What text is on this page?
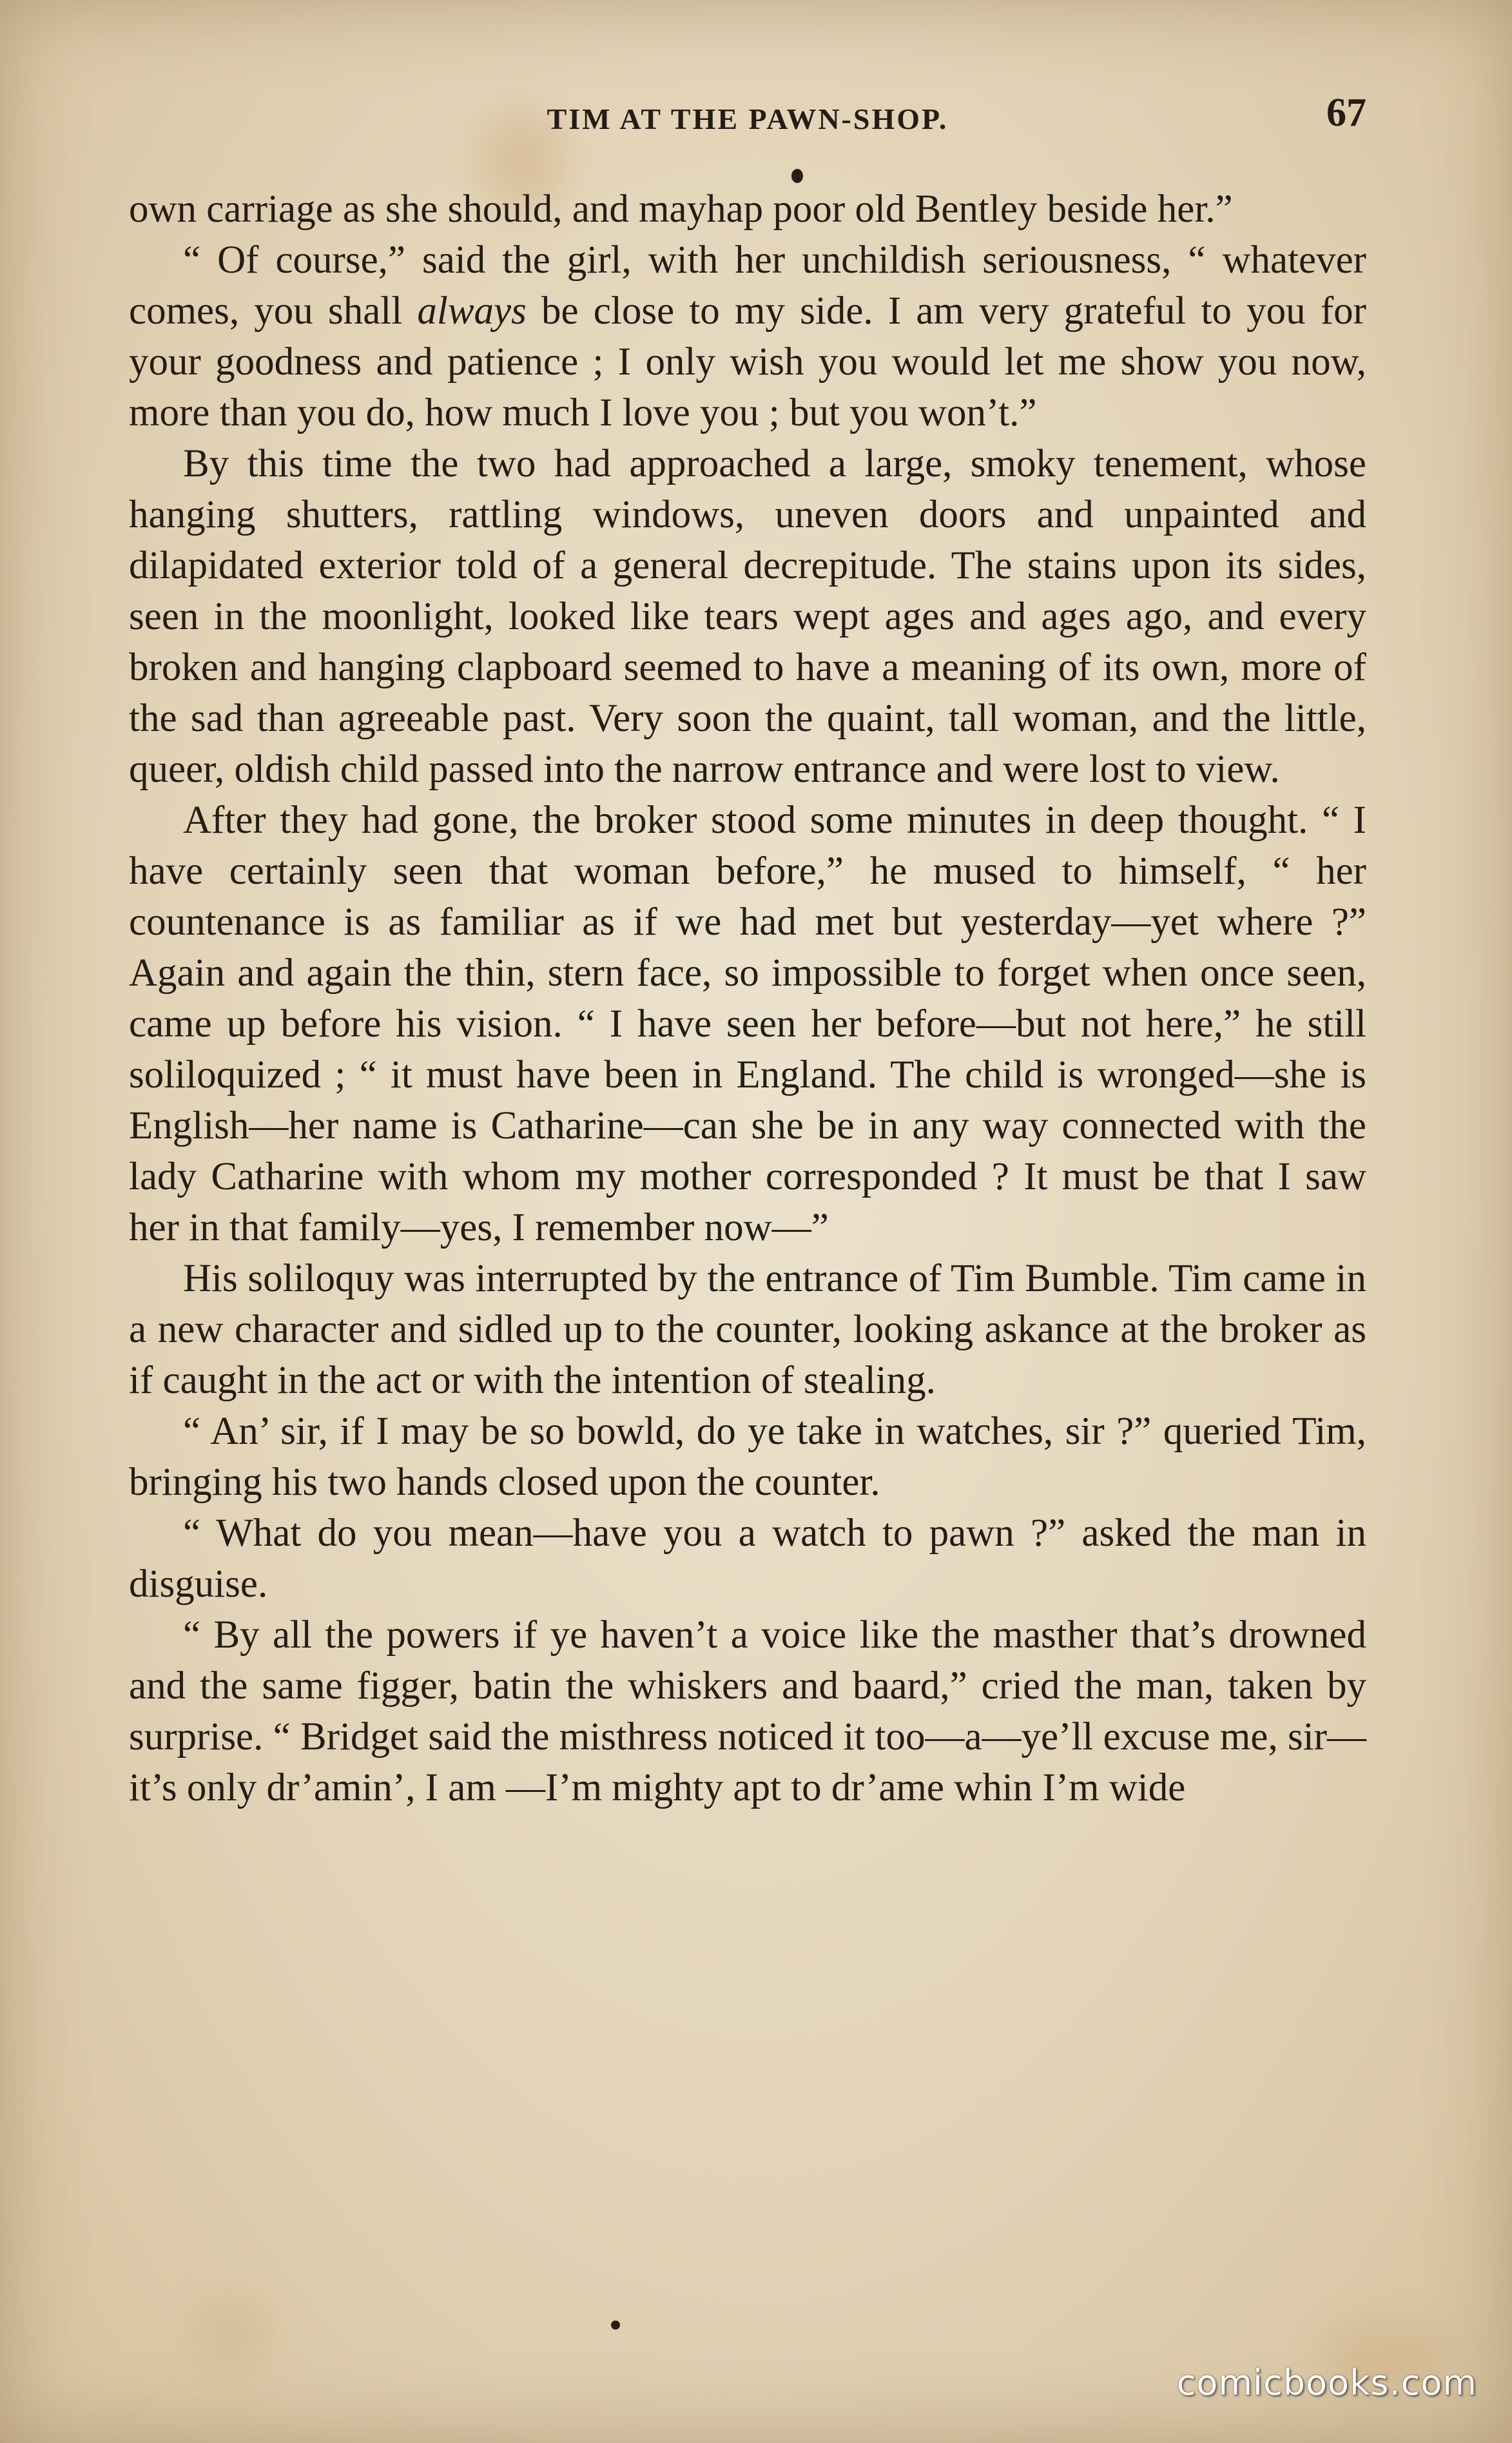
TIM AT THE PAWN-SHOP.	67

own carriage as she should, and mayhap poor old Bentley beside her.”

“ Of course,” said the girl, with her unchildish seriousness, “ whatever comes, you shall always be close to my side. I am very grateful to you for your goodness and patience ; I only wish you would let me show you now, more than you do, how much I love you ; but you won’t.”

By this time the two had approached a large, smoky tenement, whose hanging shutters, rattling windows, uneven doors and unpainted and dilapidated exterior told of a general decrepitude. The stains upon its sides, seen in the moonlight, looked like tears wept ages and ages ago, and every broken and hanging clapboard seemed to have a meaning of its own, more of the sad than agreeable past. Very soon the quaint, tall woman, and the little, queer, oldish child passed into the narrow entrance and were lost to view.

After they had gone, the broker stood some minutes in deep thought. “ I have certainly seen that woman before,” he mused to himself, “ her countenance is as familiar as if we had met but yesterday—yet where ?” Again and again the thin, stern face, so impossible to forget when once seen, came up before his vision. “ I have seen her before—but not here,” he still soliloquized ; “ it must have been in England. The child is wronged—she is English—her name is Catharine—can she be in any way connected with the lady Catharine with whom my mother corresponded ? It must be that I saw her in that family—yes, I remember now—”

His soliloquy was interrupted by the entrance of Tim Bumble. Tim came in a new character and sidled up to the counter, looking askance at the broker as if caught in the act or with the intention of stealing.

“ An’ sir, if I may be so bowld, do ye take in watches, sir ?” queried Tim, bringing his two hands closed upon the counter.

“ What do you mean—have you a watch to pawn ?” asked the man in disguise.

“ By all the powers if ye haven’t a voice like the masther that’s drowned and the same figger, batin the whiskers and baard,” cried the man, taken by surprise. “ Bridget said the misthress noticed it too—a—ye’ll excuse me, sir—it’s only dr’amin’, I am —I’m mighty apt to dr’ame whin I’m wide

comicbooks.com
